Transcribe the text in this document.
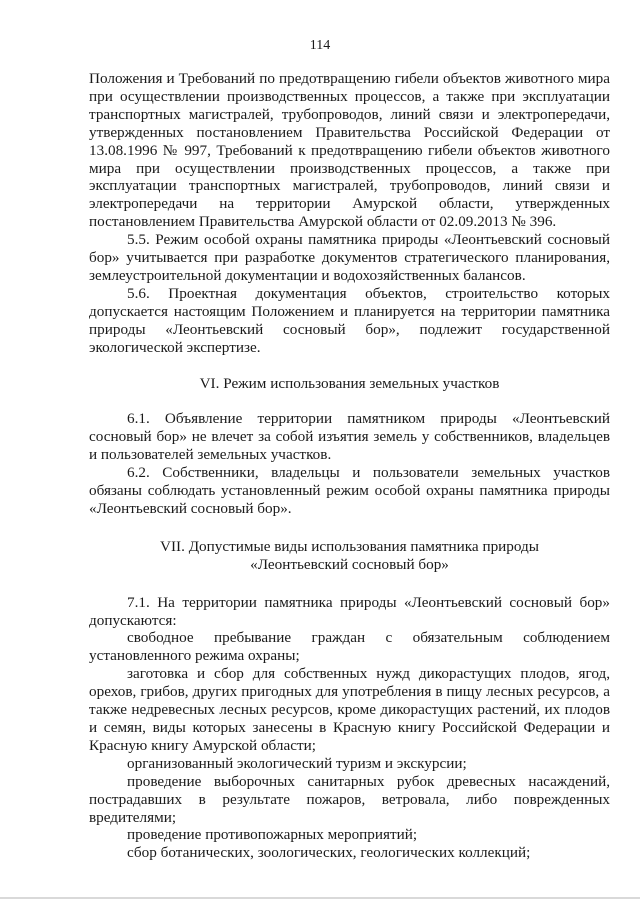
114
Положения и Требований по предотвращению гибели объектов животного мира
при осуществлении производственных процессов, а также при эксплуатации
транспортных магистралей, трубопроводов, линий связи и электропередачи,
утвержденных постановлением Правительства Российской Федерации от
13.08.1996 № 997, Требований к предотвращению гибели объектов животного
мира при осуществлении производственных процессов, а также при
эксплуатации транспортных магистралей, трубопроводов, линий связи и
электропередачи на территории Амурской области, утвержденных
постановлением Правительства Амурской области от 02.09.2013 № 396.

5.5. Режим особой охраны памятника природы «Леонтьевский сосновый бор» учитывается при разработке документов стратегического планирования, землеустроительной документации и водохозяйственных балансов.

5.6. Проектная документация объектов, строительство которых допускается настоящим Положением и планируется на территории памятника природы «Леонтьевский сосновый бор», подлежит государственной экологической экспертизе.

VI. Режим использования земельных участков

6.1. Объявление территории памятником природы «Леонтьевский сосновый бор» не влечет за собой изъятия земель у собственников, владельцев и пользователей земельных участков.

6.2. Собственники, владельцы и пользователи земельных участков обязаны соблюдать установленный режим особой охраны памятника природы «Леонтьевский сосновый бор».

VII. Допустимые виды использования памятника природы

«Леонтьевский сосновый бор»

7.1. На территории памятника природы «Леонтьевский сосновый бор» допускаются:

свободное пребывание граждан с обязательным соблюдением установленного режима охраны;

заготовка и сбор для собственных нужд дикорастущих плодов, ягод, орехов, грибов, других пригодных для употребления в пищу лесных ресурсов, а также недревесных лесных ресурсов, кроме дикорастущих растений, их плодов и семян, виды которых занесены в Красную книгу Российской Федерации и Красную книгу Амурской области;

организованный экологический туризм и экскурсии;

проведение выборочных санитарных рубок древесных насаждений, пострадавших в результате пожаров, ветровала, либо поврежденных вредителями;

проведение противопожарных мероприятий;

сбор ботанических, зоологических, геологических коллекций;
